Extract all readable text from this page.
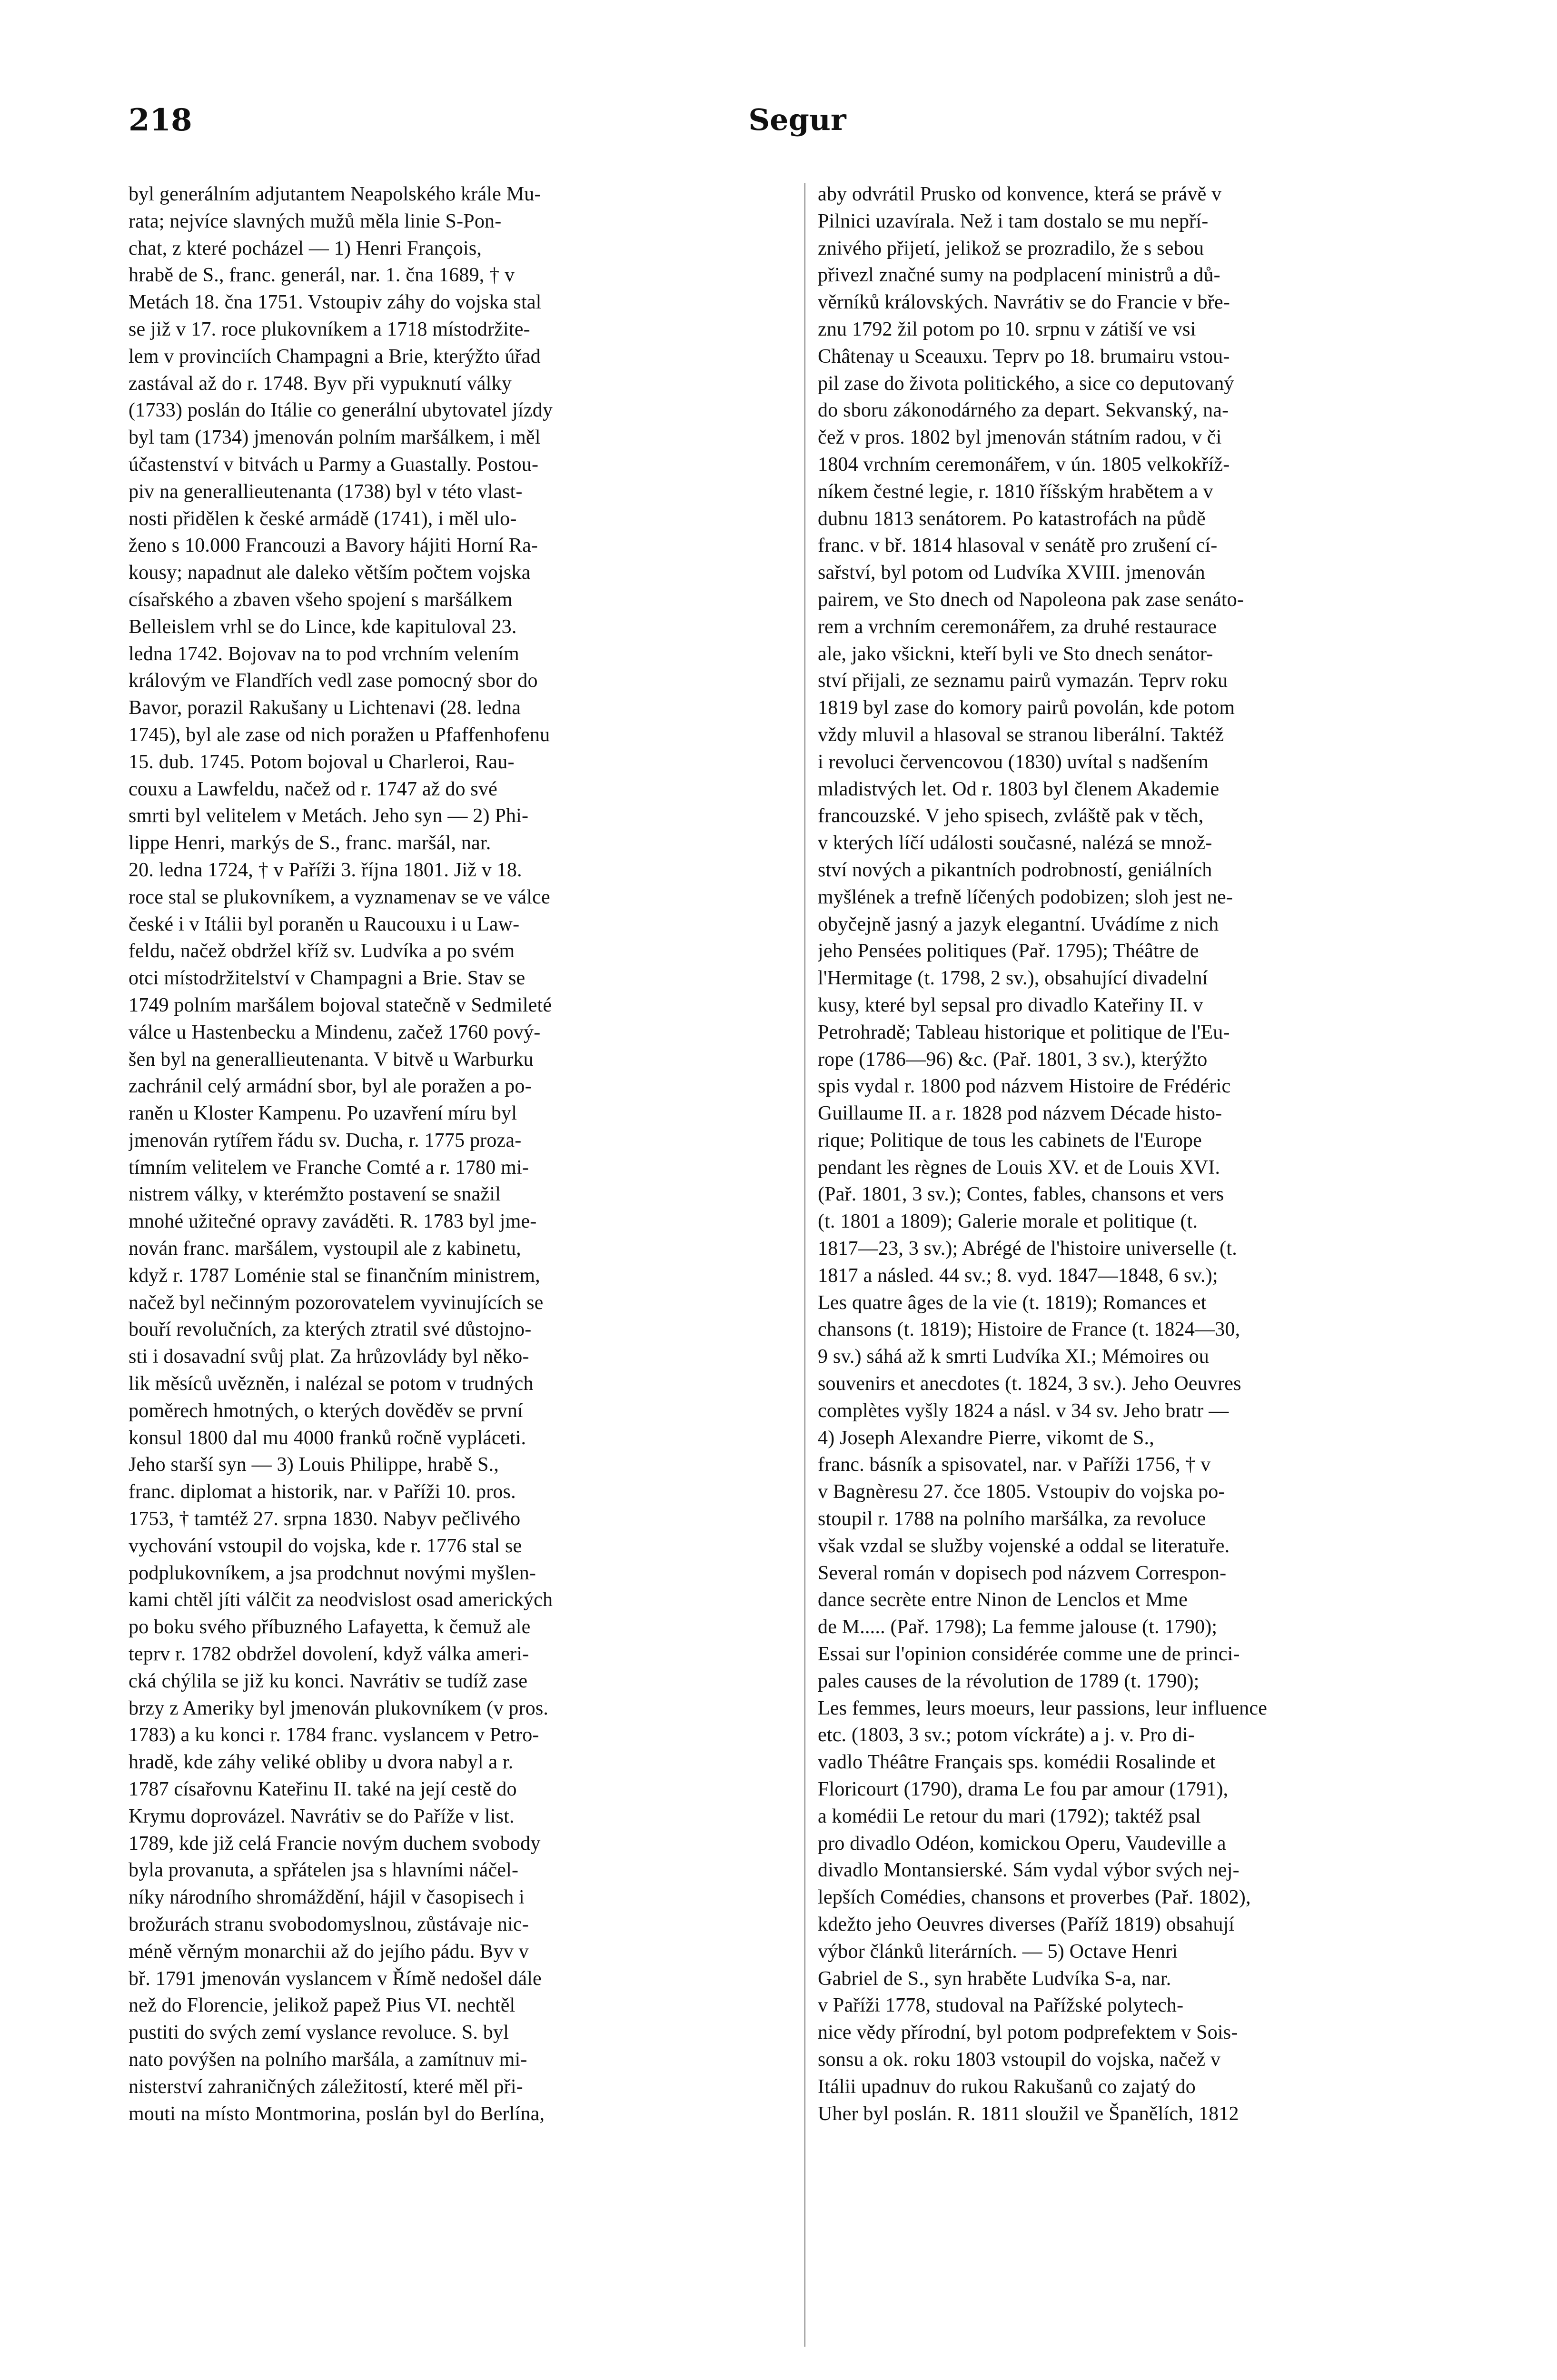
218	Segur
byl generálním adjutantem Neapolského krále Mu-
rata; nejvíce slavných mužů měla linie S-Pon-
chat, z které pocházel — 1) Henri François,
hrabě de S., franc. generál, nar. 1. čna 1689, † v
Metách 18. čna 1751. Vstoupiv záhy do vojska stal
se již v 17. roce plukovníkem a 1718 místodržite-
lem v provinciích Champagni a Brie, kterýžto úřad
zastával až do r. 1748. Byv při vypuknutí války
(1733) poslán do Itálie co generální ubytovatel jízdy
byl tam (1734) jmenován polním maršálkem, i měl
účastenství v bitvách u Parmy a Guastally. Postou-
piv na generallieutenanta (1738) byl v této vlast-
nosti přidělen k české armádě (1741), i měl ulo-
ženo s 10.000 Francouzi a Bavory hájiti Horní Ra-
kousy; napadnut ale daleko větším počtem vojska
císařského a zbaven všeho spojení s maršálkem
Belleislem vrhl se do Lince, kde kapituloval 23.
ledna 1742. Bojovav na to pod vrchním velením
královým ve Flandřích vedl zase pomocný sbor do
Bavor, porazil Rakušany u Lichtenavi (28. ledna
1745), byl ale zase od nich poražen u Pfaffenhofenu
15. dub. 1745. Potom bojoval u Charleroi, Rau-
couxu a Lawfeldu, načež od r. 1747 až do své
smrti byl velitelem v Metách. Jeho syn — 2) Phi-
lippe Henri, markýs de S., franc. maršál, nar.
20. ledna 1724, † v Paříži 3. října 1801. Již v 18.
roce stal se plukovníkem, a vyznamenav se ve válce
české i v Itálii byl poraněn u Raucouxu i u Law-
feldu, načež obdržel kříž sv. Ludvíka a po svém
otci místodržitelství v Champagni a Brie. Stav se
1749 polním maršálem bojoval statečně v Sedmileté
válce u Hastenbecku a Mindenu, začež 1760 pový-
šen byl na generallieutenanta. V bitvě u Warburku
zachránil celý armádní sbor, byl ale poražen a po-
raněn u Kloster Kampenu. Po uzavření míru byl
jmenován rytířem řádu sv. Ducha, r. 1775 proza-
tímním velitelem ve Franche Comté a r. 1780 mi-
nistrem války, v kterémžto postavení se snažil
mnohé užitečné opravy zaváděti. R. 1783 byl jme-
nován franc. maršálem, vystoupil ale z kabinetu,
když r. 1787 Loménie stal se finančním ministrem,
načež byl nečinným pozorovatelem vyvinujících se
bouří revolučních, za kterých ztratil své důstojno-
sti i dosavadní svůj plat. Za hrůzovlády byl něko-
lik měsíců uvězněn, i nalézal se potom v trudných
poměrech hmotných, o kterých dověděv se první
konsul 1800 dal mu 4000 franků ročně vypláceti.
Jeho starší syn — 3) Louis Philippe, hrabě S.,
franc. diplomat a historik, nar. v Paříži 10. pros.
1753, † tamtéž 27. srpna 1830. Nabyv pečlivého
vychování vstoupil do vojska, kde r. 1776 stal se
podplukovníkem, a jsa prodchnut novými myšlen-
kami chtěl jíti válčit za neodvislost osad amerických
po boku svého příbuzného Lafayetta, k čemuž ale
teprv r. 1782 obdržel dovolení, když válka ameri-
cká chýlila se již ku konci. Navrátiv se tudíž zase
brzy z Ameriky byl jmenován plukovníkem (v pros.
1783) a ku konci r. 1784 franc. vyslancem v Petro-
hradě, kde záhy veliké obliby u dvora nabyl a r.
1787 císařovnu Kateřinu II. také na její cestě do
Krymu doprovázel. Navrátiv se do Paříže v list.
1789, kde již celá Francie novým duchem svobody
byla provanuta, a spřátelen jsa s hlavními náčel-
níky národního shromáždění, hájil v časopisech i
brožurách stranu svobodomyslnou, zůstávaje nic-
méně věrným monarchii až do jejího pádu. Byv v
bř. 1791 jmenován vyslancem v Římě nedošel dále
než do Florencie, jelikož papež Pius VI. nechtěl
pustiti do svých zemí vyslance revoluce. S. byl
nato povýšen na polního maršála, a zamítnuv mi-
nisterství zahraničných záležitostí, které měl při-
mouti na místo Montmorina, poslán byl do Berlína,
aby odvrátil Prusko od konvence, která se právě v
Pilnici uzavírala. Než i tam dostalo se mu nepří-
znivého přijetí, jelikož se prozradilo, že s sebou
přivezl značné sumy na podplacení ministrů a dů-
věrníků královských. Navrátiv se do Francie v bře-
znu 1792 žil potom po 10. srpnu v zátiší ve vsi
Châtenay u Sceauxu. Teprv po 18. brumairu vstou-
pil zase do života politického, a sice co deputovaný
do sboru zákonodárného za depart. Sekvanský, na-
čež v pros. 1802 byl jmenován státním radou, v či
1804 vrchním ceremonářem, v ún. 1805 velkokříž-
níkem čestné legie, r. 1810 říšským hrabětem a v
dubnu 1813 senátorem. Po katastrofách na půdě
franc. v bř. 1814 hlasoval v senátě pro zrušení cí-
sařství, byl potom od Ludvíka XVIII. jmenován
pairem, ve Sto dnech od Napoleona pak zase senáto-
rem a vrchním ceremonářem, za druhé restaurace
ale, jako všickni, kteří byli ve Sto dnech senátor-
ství přijali, ze seznamu pairů vymazán. Teprv roku
1819 byl zase do komory pairů povolán, kde potom
vždy mluvil a hlasoval se stranou liberální. Taktéž
i revoluci červencovou (1830) uvítal s nadšením
mladistvých let. Od r. 1803 byl členem Akademie
francouzské. V jeho spisech, zvláště pak v těch,
v kterých líčí události současné, nalézá se množ-
ství nových a pikantních podrobností, geniálních
myšlének a trefně líčených podobizen; sloh jest ne-
obyčejně jasný a jazyk elegantní. Uvádíme z nich
jeho Pensées politiques (Pař. 1795); Théâtre de
l'Hermitage (t. 1798, 2 sv.), obsahující divadelní
kusy, které byl sepsal pro divadlo Kateřiny II. v
Petrohradě; Tableau historique et politique de l'Eu-
rope (1786—96) &c. (Pař. 1801, 3 sv.), kterýžto
spis vydal r. 1800 pod názvem Histoire de Frédéric
Guillaume II. a r. 1828 pod názvem Décade histo-
rique; Politique de tous les cabinets de l'Europe
pendant les règnes de Louis XV. et de Louis XVI.
(Pař. 1801, 3 sv.); Contes, fables, chansons et vers
(t. 1801 a 1809); Galerie morale et politique (t.
1817—23, 3 sv.); Abrégé de l'histoire universelle (t.
1817 a násled. 44 sv.; 8. vyd. 1847—1848, 6 sv.);
Les quatre âges de la vie (t. 1819); Romances et
chansons (t. 1819); Histoire de France (t. 1824—30,
9 sv.) sáhá až k smrti Ludvíka XI.; Mémoires ou
souvenirs et anecdotes (t. 1824, 3 sv.). Jeho Oeuvres
complètes vyšly 1824 a násl. v 34 sv. Jeho bratr —
4) Joseph Alexandre Pierre, vikomt de S.,
franc. básník a spisovatel, nar. v Paříži 1756, † v
v Bagnèresu 27. čce 1805. Vstoupiv do vojska po-
stoupil r. 1788 na polního maršálka, za revoluce
však vzdal se služby vojenské a oddal se literatuře.
Several román v dopisech pod názvem Correspon-
dance secrète entre Ninon de Lenclos et Mme
de M..... (Pař. 1798); La femme jalouse (t. 1790);
Essai sur l'opinion considérée comme une de princi-
pales causes de la révolution de 1789 (t. 1790);
Les femmes, leurs moeurs, leur passions, leur influence
etc. (1803, 3 sv.; potom víckráte) a j. v. Pro di-
vadlo Théâtre Français sps. komédii Rosalinde et
Floricourt (1790), drama Le fou par amour (1791),
a komédii Le retour du mari (1792); taktéž psal
pro divadlo Odéon, komickou Operu, Vaudeville a
divadlo Montansierské. Sám vydal výbor svých nej-
lepších Comédies, chansons et proverbes (Pař. 1802),
kdežto jeho Oeuvres diverses (Paříž 1819) obsahují
výbor článků literárních. — 5) Octave Henri
Gabriel de S., syn hraběte Ludvíka S-a, nar.
v Paříži 1778, studoval na Pařížské polytech-
nice vědy přírodní, byl potom podprefektem v Sois-
sonsu a ok. roku 1803 vstoupil do vojska, načež v
Itálii upadnuv do rukou Rakušanů co zajatý do
Uher byl poslán. R. 1811 sloužil ve Španělích, 1812
